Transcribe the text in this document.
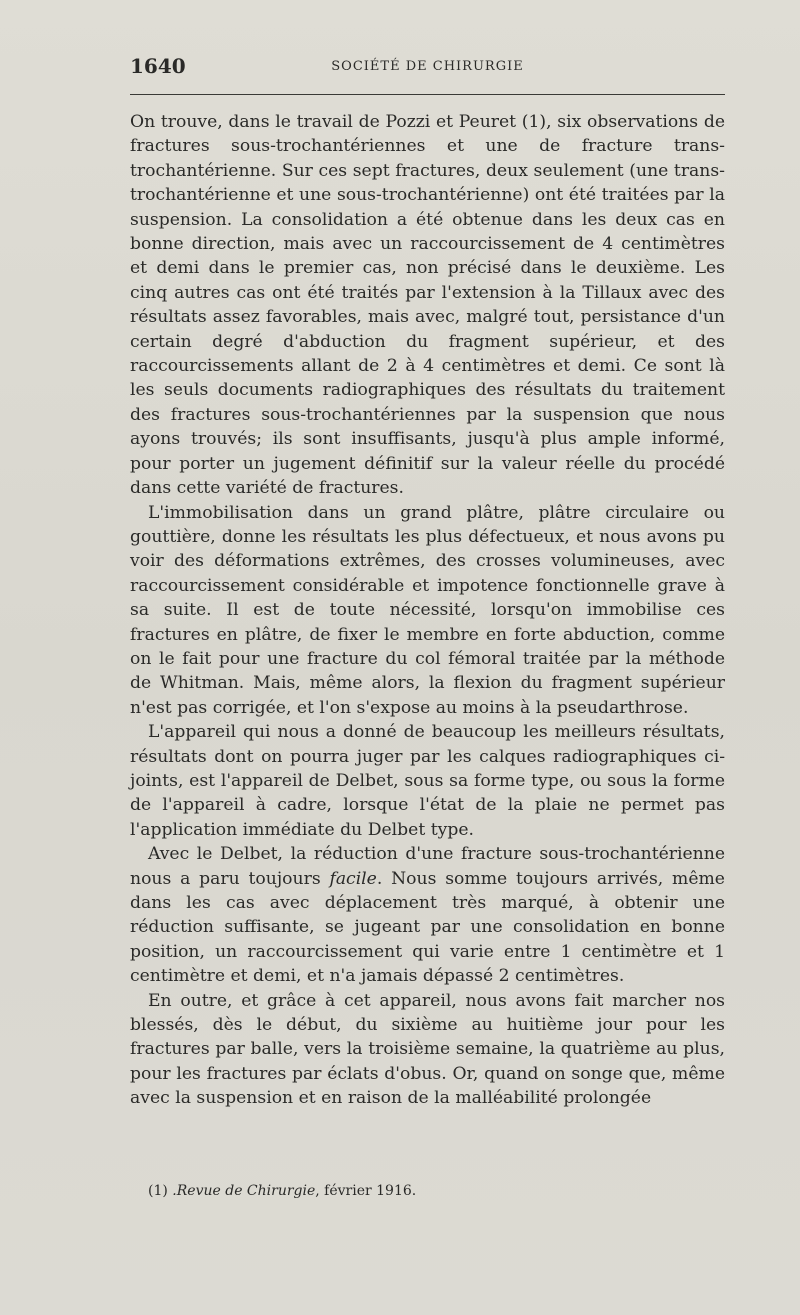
1640	SOCIÉTÉ DE CHIRURGIE

On trouve, dans le travail de Pozzi et Peuret (1), six observations de fractures sous-trochantériennes et une de fracture trans-trochantérienne. Sur ces sept fractures, deux seulement (une trans-trochantérienne et une sous-trochantérienne) ont été traitées par la suspension. La consolidation a été obtenue dans les deux cas en bonne direction, mais avec un raccourcissement de 4 centimètres et demi dans le premier cas, non précisé dans le deuxième. Les cinq autres cas ont été traités par l'extension à la Tillaux avec des résultats assez favorables, mais avec, malgré tout, persistance d'un certain degré d'abduction du fragment supérieur, et des raccourcissements allant de 2 à 4 centimètres et demi. Ce sont là les seuls documents radiographiques des résultats du traitement des fractures sous-trochantériennes par la suspension que nous ayons trouvés; ils sont insuffisants, jusqu'à plus ample informé, pour porter un jugement définitif sur la valeur réelle du procédé dans cette variété de fractures.

L'immobilisation dans un grand plâtre, plâtre circulaire ou gouttière, donne les résultats les plus défectueux, et nous avons pu voir des déformations extrêmes, des crosses volumineuses, avec raccourcissement considérable et impotence fonctionnelle grave à sa suite. Il est de toute nécessité, lorsqu'on immobilise ces fractures en plâtre, de fixer le membre en forte abduction, comme on le fait pour une fracture du col fémoral traitée par la méthode de Whitman. Mais, même alors, la flexion du fragment supérieur n'est pas corrigée, et l'on s'expose au moins à la pseudarthrose.

L'appareil qui nous a donné de beaucoup les meilleurs résultats, résultats dont on pourra juger par les calques radiographiques ci-joints, est l'appareil de Delbet, sous sa forme type, ou sous la forme de l'appareil à cadre, lorsque l'état de la plaie ne permet pas l'application immédiate du Delbet type.

Avec le Delbet, la réduction d'une fracture sous-trochantérienne nous a paru toujours facile. Nous somme toujours arrivés, même dans les cas avec déplacement très marqué, à obtenir une réduction suffisante, se jugeant par une consolidation en bonne position, un raccourcissement qui varie entre 1 centimètre et 1 centimètre et demi, et n'a jamais dépassé 2 centimètres.

En outre, et grâce à cet appareil, nous avons fait marcher nos blessés, dès le début, du sixième au huitième jour pour les fractures par balle, vers la troisième semaine, la quatrième au plus, pour les fractures par éclats d'obus. Or, quand on songe que, même avec la suspension et en raison de la malléabilité prolongée

(1) .Revue de Chirurgie, février 1916.
